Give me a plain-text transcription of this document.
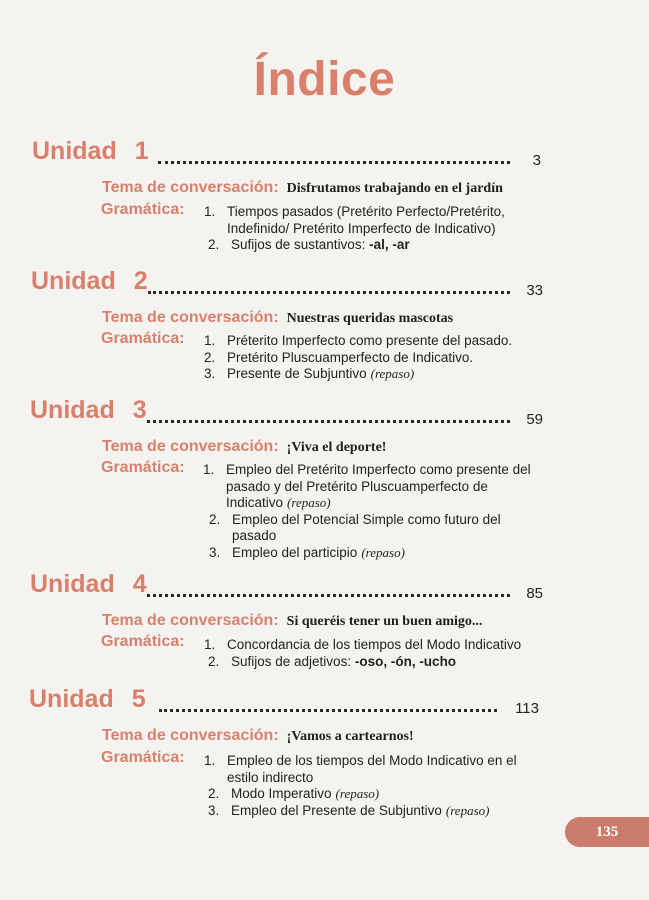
Índice
Unidad 1	3
Tema de conversación: Disfrutamos trabajando en el jardín
Gramática: 1. Tiempos pasados (Pretérito Perfecto/Pretérito, Indefinido/ Pretérito Imperfecto de Indicativo)
2. Sufijos de sustantivos: -al, -ar
Unidad 2	33
Tema de conversación: Nuestras queridas mascotas
Gramática: 1. Préterito Imperfecto como presente del pasado.
2. Pretérito Pluscuamperfecto de Indicativo.
3. Presente de Subjuntivo (repaso)
Unidad 3	59
Tema de conversación: ¡Viva el deporte!
Gramática: 1. Empleo del Pretérito Imperfecto como presente del pasado y del Pretérito Pluscuamperfecto de Indicativo (repaso)
2. Empleo del Potencial Simple como futuro del pasado
3. Empleo del participio (repaso)
Unidad 4	85
Tema de conversación: Si queréis tener un buen amigo...
Gramática: 1. Concordancia de los tiempos del Modo Indicativo
2. Sufijos de adjetivos: -oso, -ón, -ucho
Unidad 5	113
Tema de conversación: ¡Vamos a cartearnos!
Gramática: 1. Empleo de los tiempos del Modo Indicativo en el estilo indirecto
2. Modo Imperativo (repaso)
3. Empleo del Presente de Subjuntivo (repaso)
135
